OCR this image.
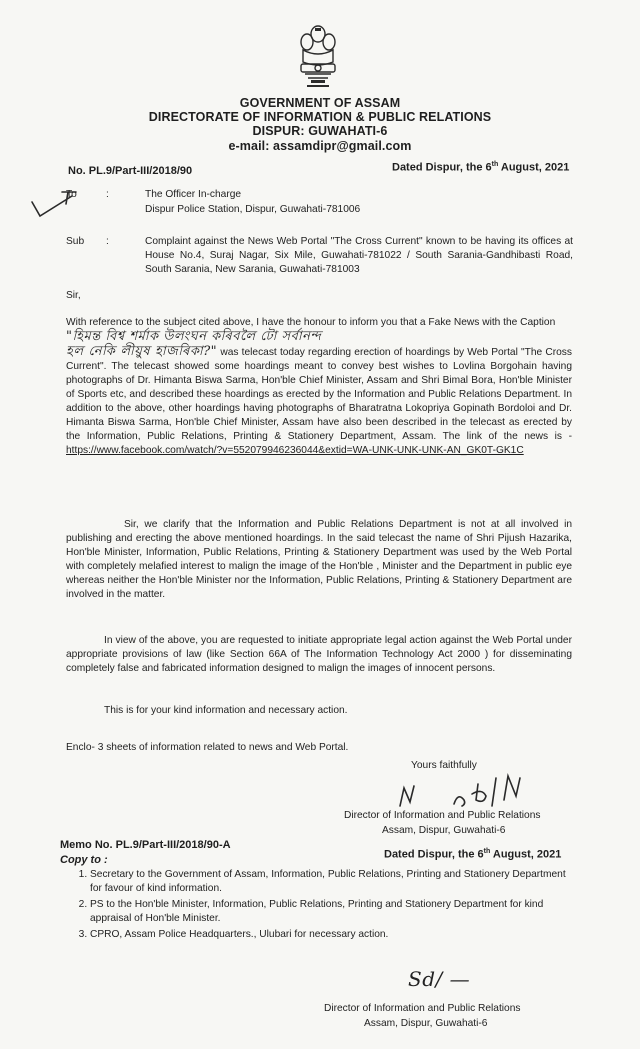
GOVERNMENT OF ASSAM
DIRECTORATE OF INFORMATION & PUBLIC RELATIONS
DISPUR: GUWAHATI-6
e-mail: assamdipr@gmail.com
No. PL.9/Part-III/2018/90	Dated Dispur, the 6th August, 2021
To	:	The Officer In-charge
Dispur Police Station, Dispur, Guwahati-781006
Sub :	Complaint against the News Web Portal "The Cross Current" known to be having its offices at House No.4, Suraj Nagar, Six Mile, Guwahati-781022 / South Sarania-Gandhibasti Road, South Sarania, New Sarania, Guwahati-781003
Sir,
With reference to the subject cited above, I have the honour to inform you that a Fake News with the Caption
"হিমন্ত বিশ্ব শৰ্মাক উলংঘন কৰিবলৈ টো সৰ্বানন্দ
হল নেকি লীয়ুষ হাজৰিকা?" was telecast today regarding erection of hoardings by Web Portal "The Cross Current". The telecast showed some hoardings meant to convey best wishes to Lovlina Borgohain having photographs of Dr. Himanta Biswa Sarma, Hon'ble Chief Minister, Assam and Shri Bimal Bora, Hon'ble Minister of Sports etc, and described these hoardings as erected by the Information and Public Relations Department. In addition to the above, other hoardings having photographs of Bharatratna Lokopriya Gopinath Bordoloi and Dr. Himanta Biswa Sarma, Hon'ble Chief Minister, Assam have also been described in the telecast as erected by the Information, Public Relations, Printing & Stationery Department, Assam. The link of the news is - https://www.facebook.com/watch/?v=552079946236044&extid=WA-UNK-UNK-UNK-AN_GK0T-GK1C
Sir, we clarify that the Information and Public Relations Department is not at all involved in publishing and erecting the above mentioned hoardings. In the said telecast the name of Shri Pijush Hazarika, Hon'ble Minister, Information, Public Relations, Printing & Stationery Department was used by the Web Portal with completely melafied interest to malign the image of the Hon'ble , Minister and the Department in public eye whereas neither the Hon'ble Minister nor the Information, Public Relations, Printing & Stationery Department are involved in the matter.
In view of the above, you are requested to initiate appropriate legal action against the Web Portal under appropriate provisions of law (like Section 66A of The Information Technology Act 2000 ) for disseminating completely false and fabricated information designed to malign the images of innocent persons.
This is for your kind information and necessary action.
Enclo- 3 sheets of information related to news and Web Portal.
Yours faithfully
Director of Information and Public Relations
Assam, Dispur, Guwahati-6
Memo No. PL.9/Part-III/2018/90-A
Dated Dispur, the 6th August, 2021
Copy to :
1. Secretary to the Government of Assam, Information, Public Relations, Printing and Stationery Department for favour of kind information.
2. PS to the Hon'ble Minister, Information, Public Relations, Printing and Stationery Department for kind appraisal of Hon'ble Minister.
3. CPRO, Assam Police Headquarters., Ulubari for necessary action.
Sd/ —
Director of Information and Public Relations
Assam, Dispur, Guwahati-6
